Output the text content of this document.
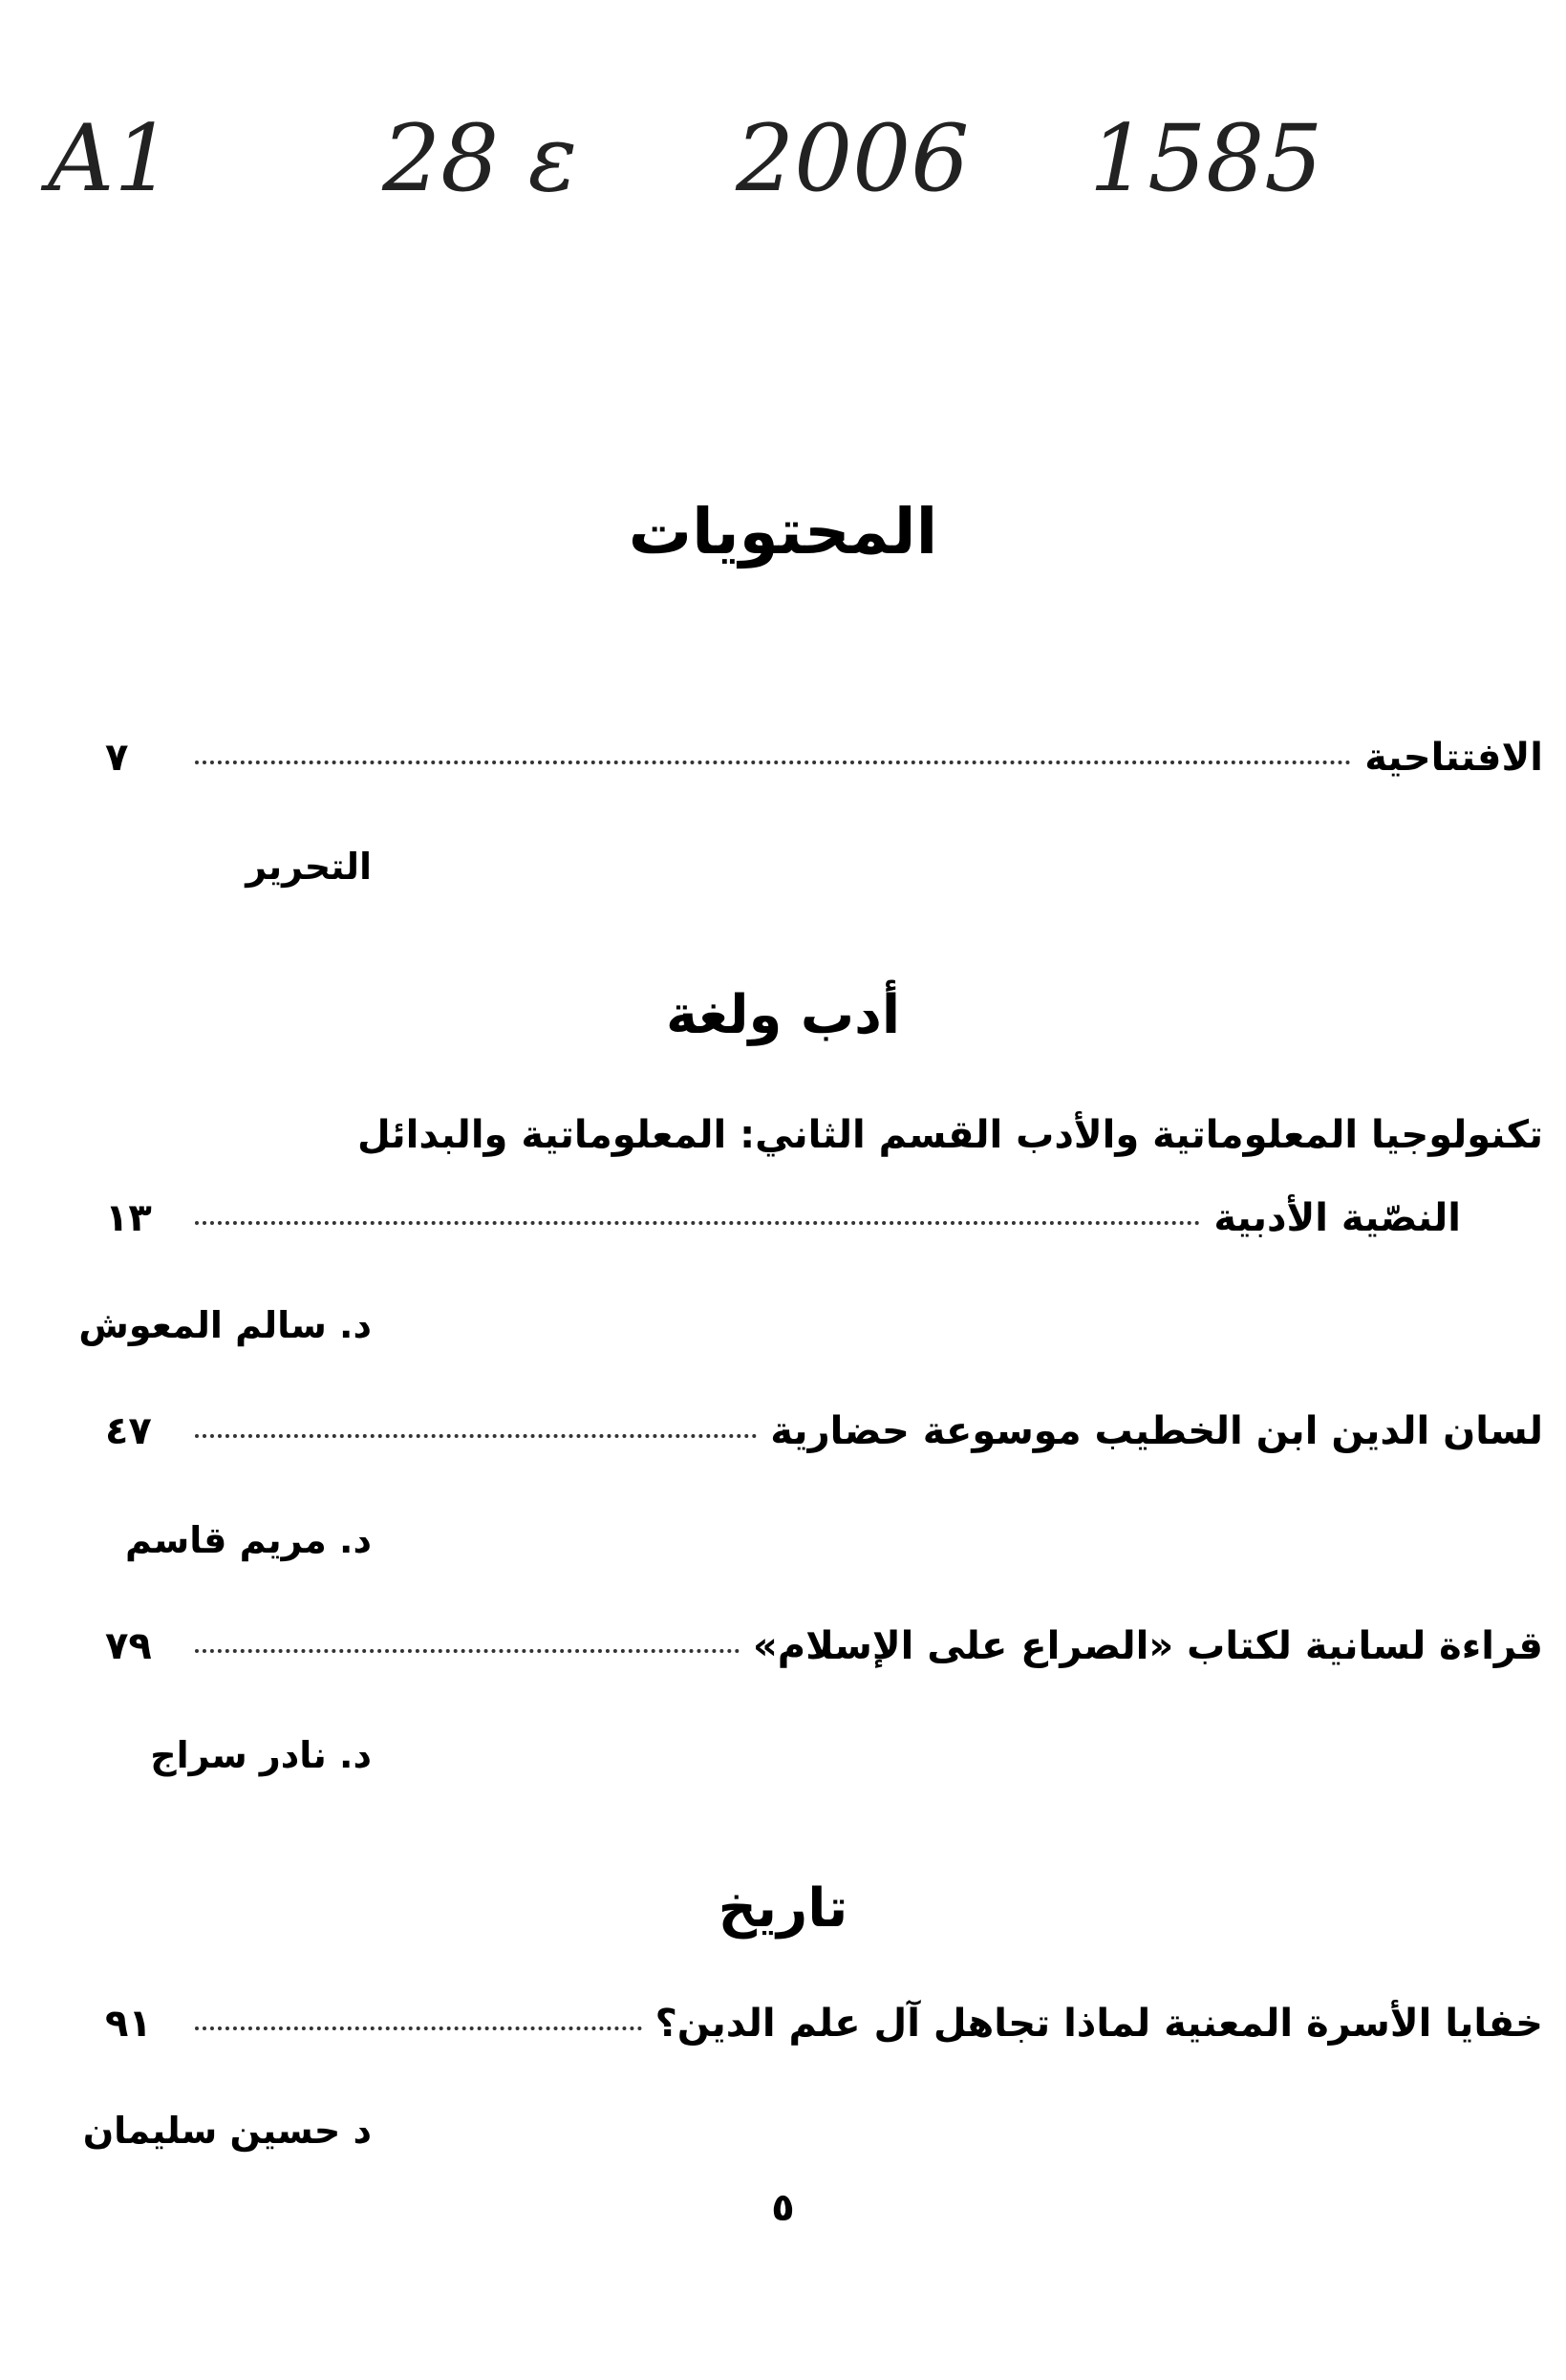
A1 28 ε 2006 1585
المحتويات
الافتتاحية
٧
التحرير
أدب ولغة
تكنولوجيا المعلوماتية والأدب القسم الثاني: المعلوماتية والبدائل
النصّية الأدبية
١٣
د. سالم المعوش
لسان الدين ابن الخطيب موسوعة حضارية
٤٧
د. مريم قاسم
قراءة لسانية لكتاب «الصراع على الإسلام»
٧٩
د. نادر سراج
تاريخ
خفايا الأسرة المعنية لماذا تجاهل آل علم الدين؟
٩١
د حسين سليمان
٥
